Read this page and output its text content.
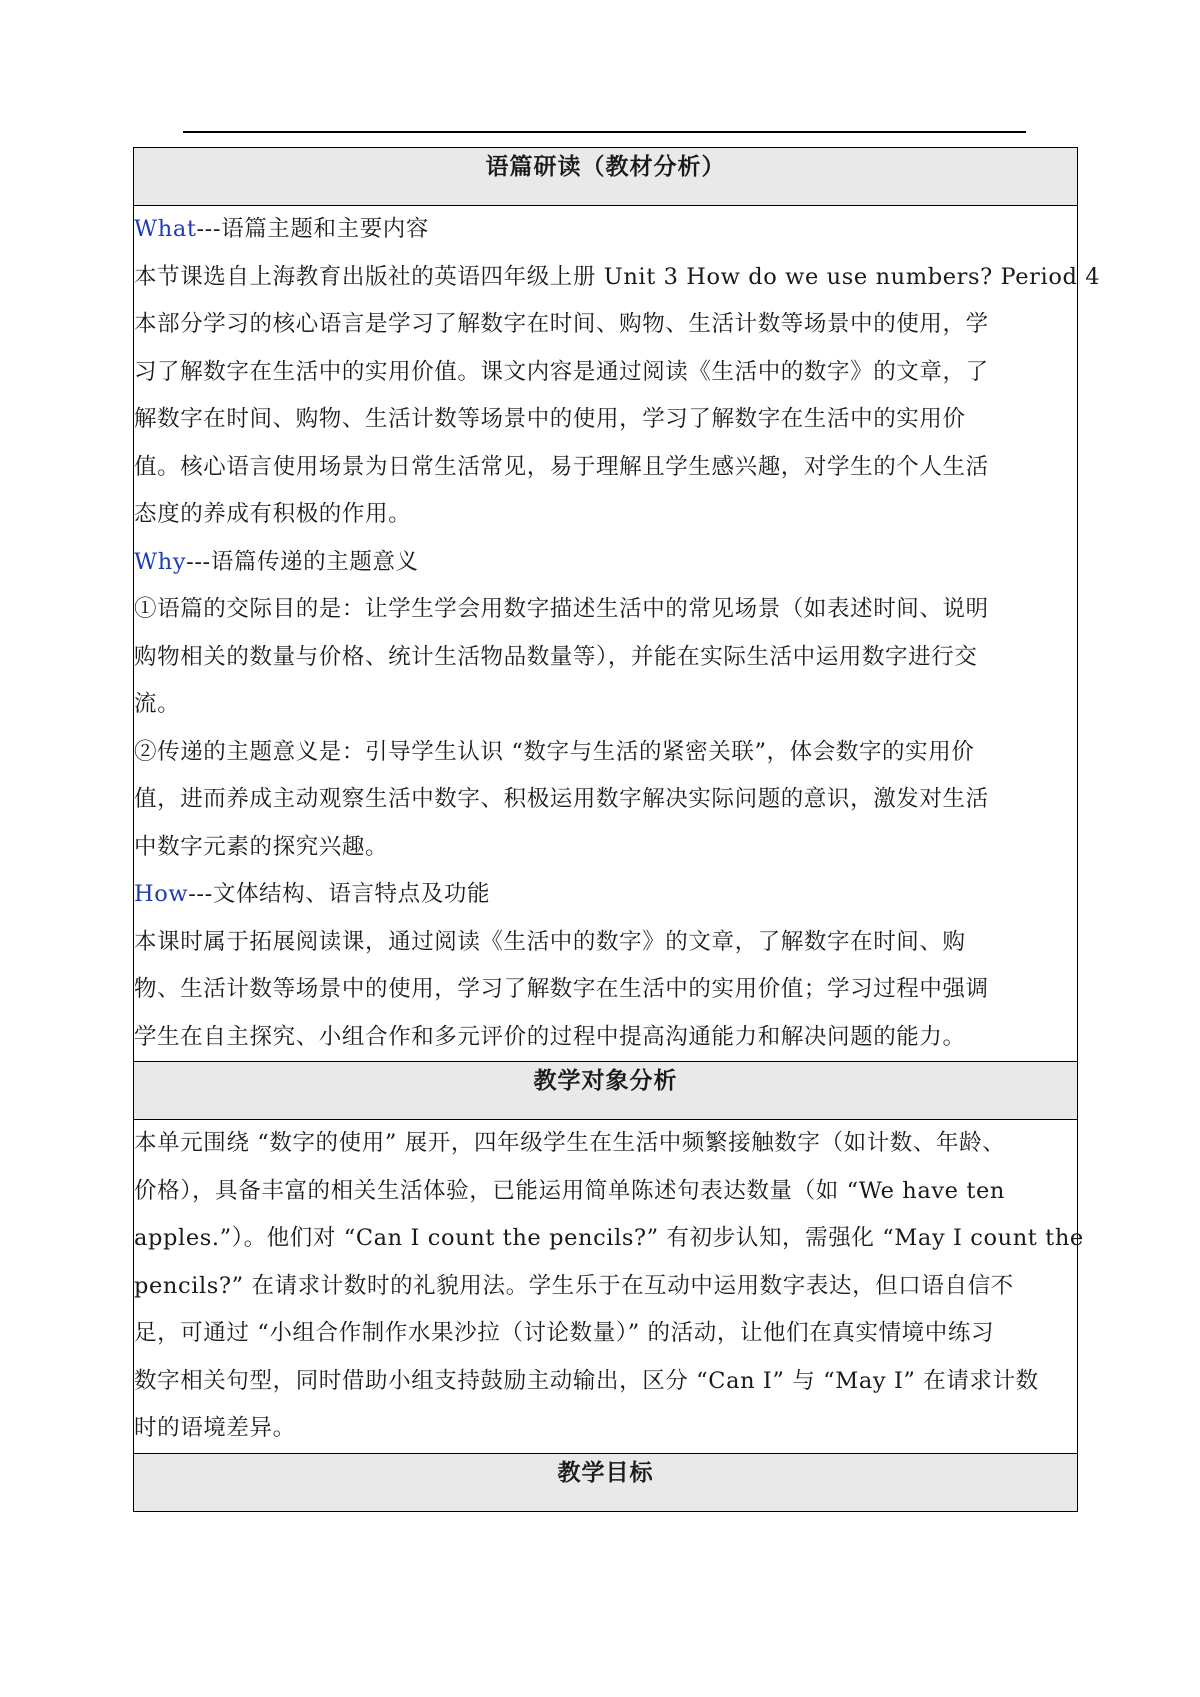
语篇研读（教材分析）

What---语篇主题和主要内容
本节课选自上海教育出版社的英语四年级上册 Unit 3 How do we use numbers? Period 4
本部分学习的核心语言是学习了解数字在时间、购物、生活计数等场景中的使用，学
习了解数字在生活中的实用价值。课文内容是通过阅读《生活中的数字》的文章，了
解数字在时间、购物、生活计数等场景中的使用，学习了解数字在生活中的实用价
值。核心语言使用场景为日常生活常见，易于理解且学生感兴趣，对学生的个人生活
态度的养成有积极的作用。
Why---语篇传递的主题意义
①语篇的交际目的是：让学生学会用数字描述生活中的常见场景（如表述时间、说明
购物相关的数量与价格、统计生活物品数量等），并能在实际生活中运用数字进行交
流。
②传递的主题意义是：引导学生认识 “数字与生活的紧密关联”，体会数字的实用价
值，进而养成主动观察生活中数字、积极运用数字解决实际问题的意识，激发对生活
中数字元素的探究兴趣。
How---文体结构、语言特点及功能
本课时属于拓展阅读课，通过阅读《生活中的数字》的文章，了解数字在时间、购
物、生活计数等场景中的使用，学习了解数字在生活中的实用价值；学习过程中强调
学生在自主探究、小组合作和多元评价的过程中提高沟通能力和解决问题的能力。

教学对象分析

本单元围绕 “数字的使用” 展开，四年级学生在生活中频繁接触数字（如计数、年龄、
价格），具备丰富的相关生活体验，已能运用简单陈述句表达数量（如 “We have ten
apples.”）。他们对 “Can I count the pencils?” 有初步认知，需强化 “May I count the
pencils?” 在请求计数时的礼貌用法。学生乐于在互动中运用数字表达，但口语自信不
足，可通过 “小组合作制作水果沙拉（讨论数量）” 的活动，让他们在真实情境中练习
数字相关句型，同时借助小组支持鼓励主动输出，区分 “Can I” 与 “May I” 在请求计数
时的语境差异。

教学目标
